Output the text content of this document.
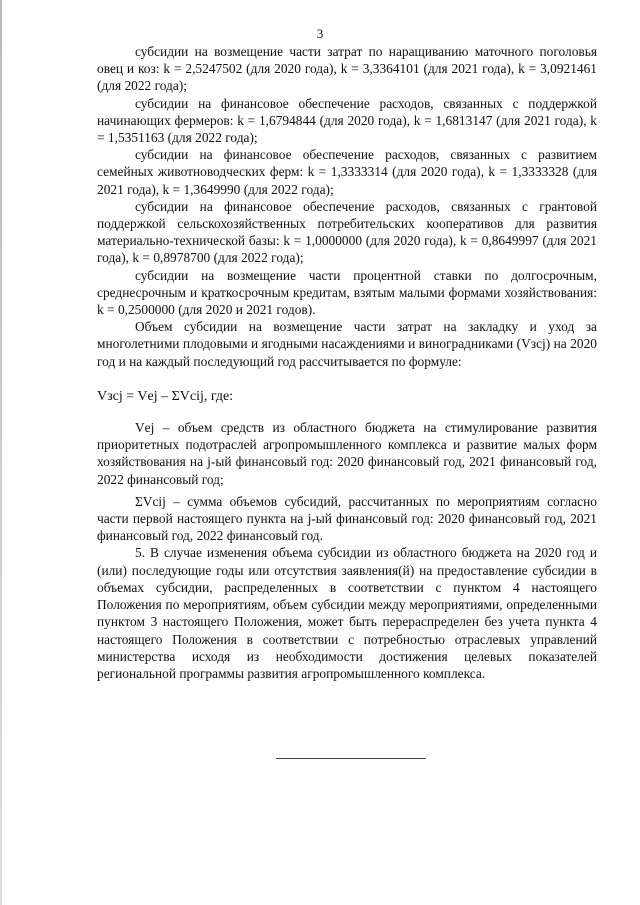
3

субсидии на возмещение части затрат по наращиванию маточного поголовья овец и коз: k = 2,5247502 (для 2020 года), k = 3,3364101 (для 2021 года), k = 3,0921461 (для 2022 года);

субсидии на финансовое обеспечение расходов, связанных с поддержкой начинающих фермеров: k = 1,6794844 (для 2020 года), k = 1,6813147 (для 2021 года), k = 1,5351163 (для 2022 года);

субсидии на финансовое обеспечение расходов, связанных с развитием семейных животноводческих ферм: k = 1,3333314 (для 2020 года), k = 1,3333328 (для 2021 года), k = 1,3649990 (для 2022 года);

субсидии на финансовое обеспечение расходов, связанных с грантовой поддержкой сельскохозяйственных потребительских кооперативов для развития материально-технической базы: k = 1,0000000 (для 2020 года), k = 0,8649997 (для 2021 года), k = 0,8978700 (для 2022 года);

субсидии на возмещение части процентной ставки по долгосрочным, среднесрочным и краткосрочным кредитам, взятым малыми формами хозяйствования: k = 0,2500000 (для 2020 и 2021 годов).

Объем субсидии на возмещение части затрат на закладку и уход за многолетними плодовыми и ягодными насаждениями и виноградниками (Vзсj) на 2020 год и на каждый последующий год рассчитывается по формуле:

Vзсj = Vеj – ΣVсij, где:

Vеj – объем средств из областного бюджета на стимулирование развития приоритетных подотраслей агропромышленного комплекса и развитие малых форм хозяйствования на j-ый финансовый год: 2020 финансовый год, 2021 финансовый год, 2022 финансовый год;

ΣVсij – сумма объемов субсидий, рассчитанных по мероприятиям согласно части первой настоящего пункта на j-ый финансовый год: 2020 финансовый год, 2021 финансовый год, 2022 финансовый год.

5. В случае изменения объема субсидии из областного бюджета на 2020 год и (или) последующие годы или отсутствия заявления(й) на предоставление субсидии в объемах субсидии, распределенных в соответствии с пунктом 4 настоящего Положения по мероприятиям, объем субсидии между мероприятиями, определенными пунктом 3 настоящего Положения, может быть перераспределен без учета пункта 4 настоящего Положения в соответствии с потребностью отраслевых управлений министерства исходя из необходимости достижения целевых показателей региональной программы развития агропромышленного комплекса.
